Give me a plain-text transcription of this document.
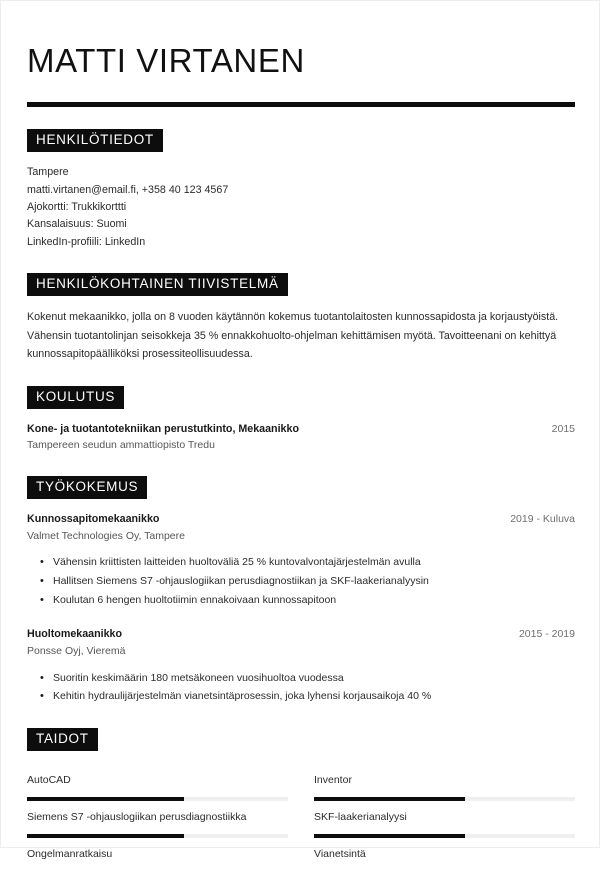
MATTI VIRTANEN
HENKILÖTIEDOT
Tampere
matti.virtanen@email.fi, +358 40 123 4567
Ajokortti: Trukkikorttti
Kansalaisuus: Suomi
LinkedIn-profiili: LinkedIn
HENKILÖKOHTAINEN TIIVISTELMÄ
Kokenut mekaanikko, jolla on 8 vuoden käytännön kokemus tuotantolaitosten kunnossapidosta ja korjaustyöistä. Vähensin tuotantolinjan seisokkeja 35 % ennakkohuolto-ohjelman kehittämisen myötä. Tavoitteenani on kehittyä kunnossapitopäälliköksi prosessiteollisuudessa.
KOULUTUS
Kone- ja tuotantotekniikan perustutkinto, Mekaanikko	2015
Tampereen seudun ammattiopisto Tredu
TYÖKOKEMUS
Kunnossapitomekaanikko	2019 - Kuluva
Valmet Technologies Oy, Tampere
• Vähensin kriittisten laitteiden huoltoväliä 25 % kuntovalvontajärjestelmän avulla
• Hallitsen Siemens S7 -ohjauslogiikan perusdiagnostiikan ja SKF-laakerianalyysin
• Koulutan 6 hengen huoltotiimin ennakoivaan kunnossapitoon
Huoltomekaanikko	2015 - 2019
Ponsse Oyj, Vieremä
• Suoritin keskimäärin 180 metsäkoneen vuosihuoltoa vuodessa
• Kehitin hydraulijärjestelmän vianetsintäprosessin, joka lyhensi korjausaikoja 40 %
TAIDOT
AutoCAD	Inventor
Siemens S7 -ohjauslogiikan perusdiagnostiikka	SKF-laakerianalyysi
Ongelmanratkaisu	Vianetsintä
